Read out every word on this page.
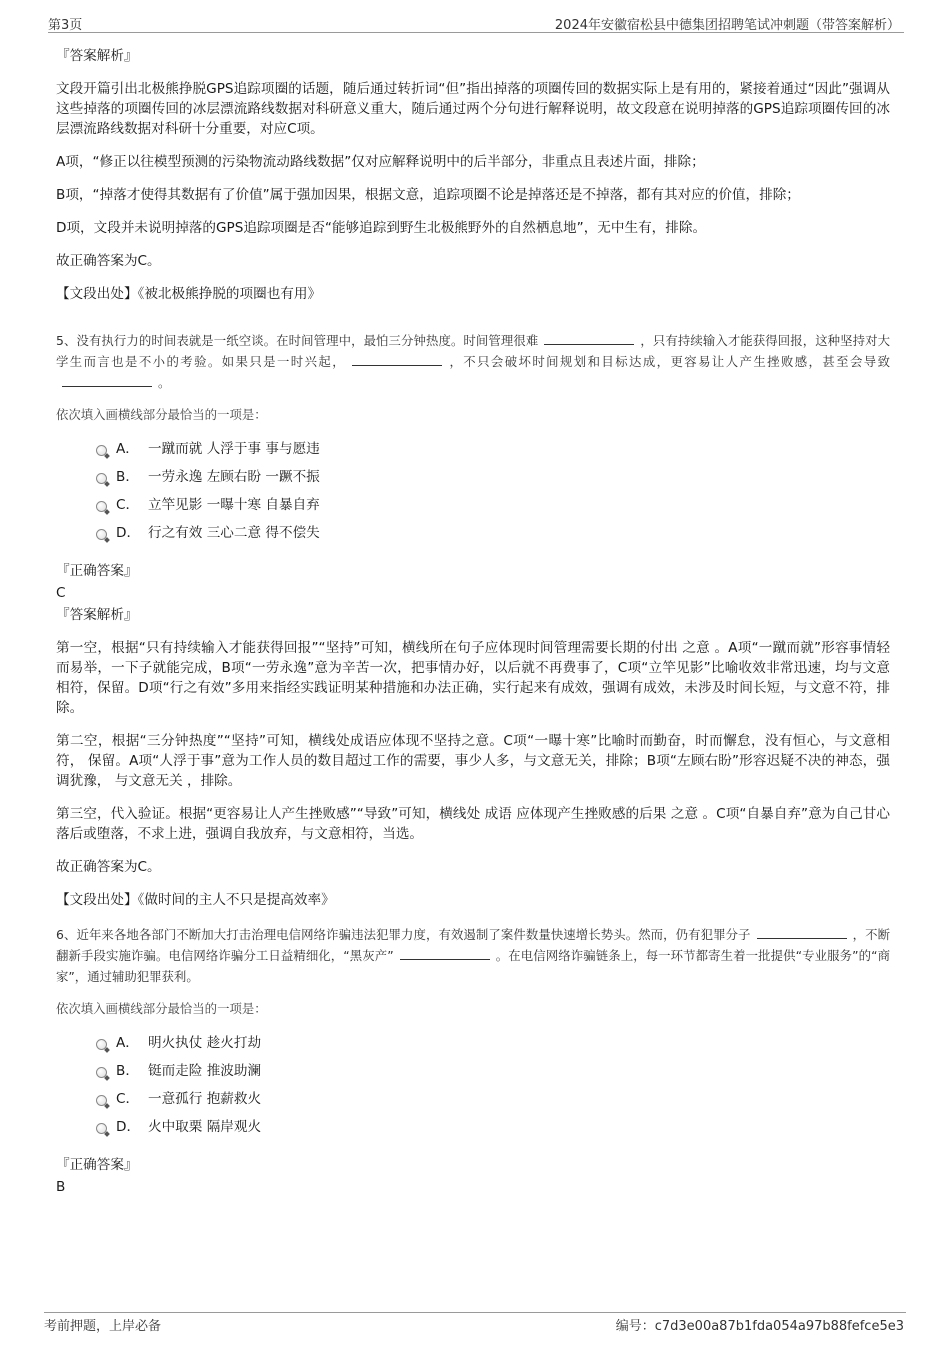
第3页	2024年安徽宿松县中德集团招聘笔试冲刺题（带答案解析）
『答案解析』

文段开篇引出北极熊挣脱GPS追踪项圈的话题，随后通过转折词“但”指出掉落的项圈传回的数据实际上是有用的，紧接着通过“因此”强调从这些掉落的项圈传回的冰层漂流路线数据对科研意义重大，随后通过两个分句进行解释说明，故文段意在说明掉落的GPS追踪项圈传回的冰层漂流路线数据对科研十分重要，对应C项。

A项，“修正以往模型预测的污染物流动路线数据”仅对应解释说明中的后半部分，非重点且表述片面，排除；

B项，“掉落才使得其数据有了价值”属于强加因果，根据文意，追踪项圈不论是掉落还是不掉落，都有其对应的价值，排除；

D项，文段并未说明掉落的GPS追踪项圈是否“能够追踪到野生北极熊野外的自然栖息地”，无中生有，排除。

故正确答案为C。

【文段出处】《被北极熊挣脱的项圈也有用》

5、没有执行力的时间表就是一纸空谈。在时间管理中，最怕三分钟热度。时间管理很难	，只有持续输入才能获得回报，这种坚持对大学生而言也是不小的考验。如果只是一时兴起，	，不只会破坏时间规划和目标达成，更容易让人产生挫败感，甚至会导致。

依次填入画横线部分最恰当的一项是：

A． 一蹴而就 人浮于事 事与愿违
B． 一劳永逸 左顾右盼 一蹶不振
C． 立竿见影 一曝十寒 自暴自弃
D． 行之有效 三心二意 得不偿失
『正确答案』
C
『答案解析』

第一空，根据“只有持续输入才能获得回报”“坚持”可知，横线所在句子应体现时间管理需要长期的付出 之意 。A项“一蹴而就”形容事情轻而易举，一下子就能完成，B项“一劳永逸”意为辛苦一次，把事情办好，以后就不再费事了，C项“立竿见影”比喻收效非常迅速，均与文意相符，保留。D项“行之有效”多用来指经实践证明某种措施和办法正确，实行起来有成效，强调有成效，未涉及时间长短，与文意不符，排除。

第二空，根据“三分钟热度”“坚持”可知，横线处成语应体现不坚持之意。C项“一曝十寒”比喻时而勤奋，时而懈怠，没有恒心，与文意相符， 保留。A项“人浮于事”意为工作人员的数目超过工作的需要，事少人多，与文意无关，排除；B项“左顾右盼”形容迟疑不决的神态，强调犹豫， 与文意无关 ，排除。

第三空，代入验证。根据“更容易让人产生挫败感”“导致”可知，横线处 成语 应体现产生挫败感的后果 之意 。C项“自暴自弃”意为自己甘心落后或堕落，不求上进，强调自我放弃，与文意相符，当选。

故正确答案为C。

【文段出处】《做时间的主人不只是提高效率》

6、近年来各地各部门不断加大打击治理电信网络诈骗违法犯罪力度，有效遏制了案件数量快速增长势头。然而，仍有犯罪分子	，不断翻新手段实施诈骗。电信网络诈骗分工日益精细化，“黑灰产”	。在电信网络诈骗链条上，每一环节都寄生着一批提供“专业服务”的“商家”，通过辅助犯罪获利。

依次填入画横线部分最恰当的一项是：

A． 明火执仗 趁火打劫
B． 铤而走险 推波助澜
C． 一意孤行 抱薪救火
D． 火中取栗 隔岸观火
『正确答案』
B
考前押题，上岸必备	编号：c7d3e00a87b1fda054a97b88fefce5e3
